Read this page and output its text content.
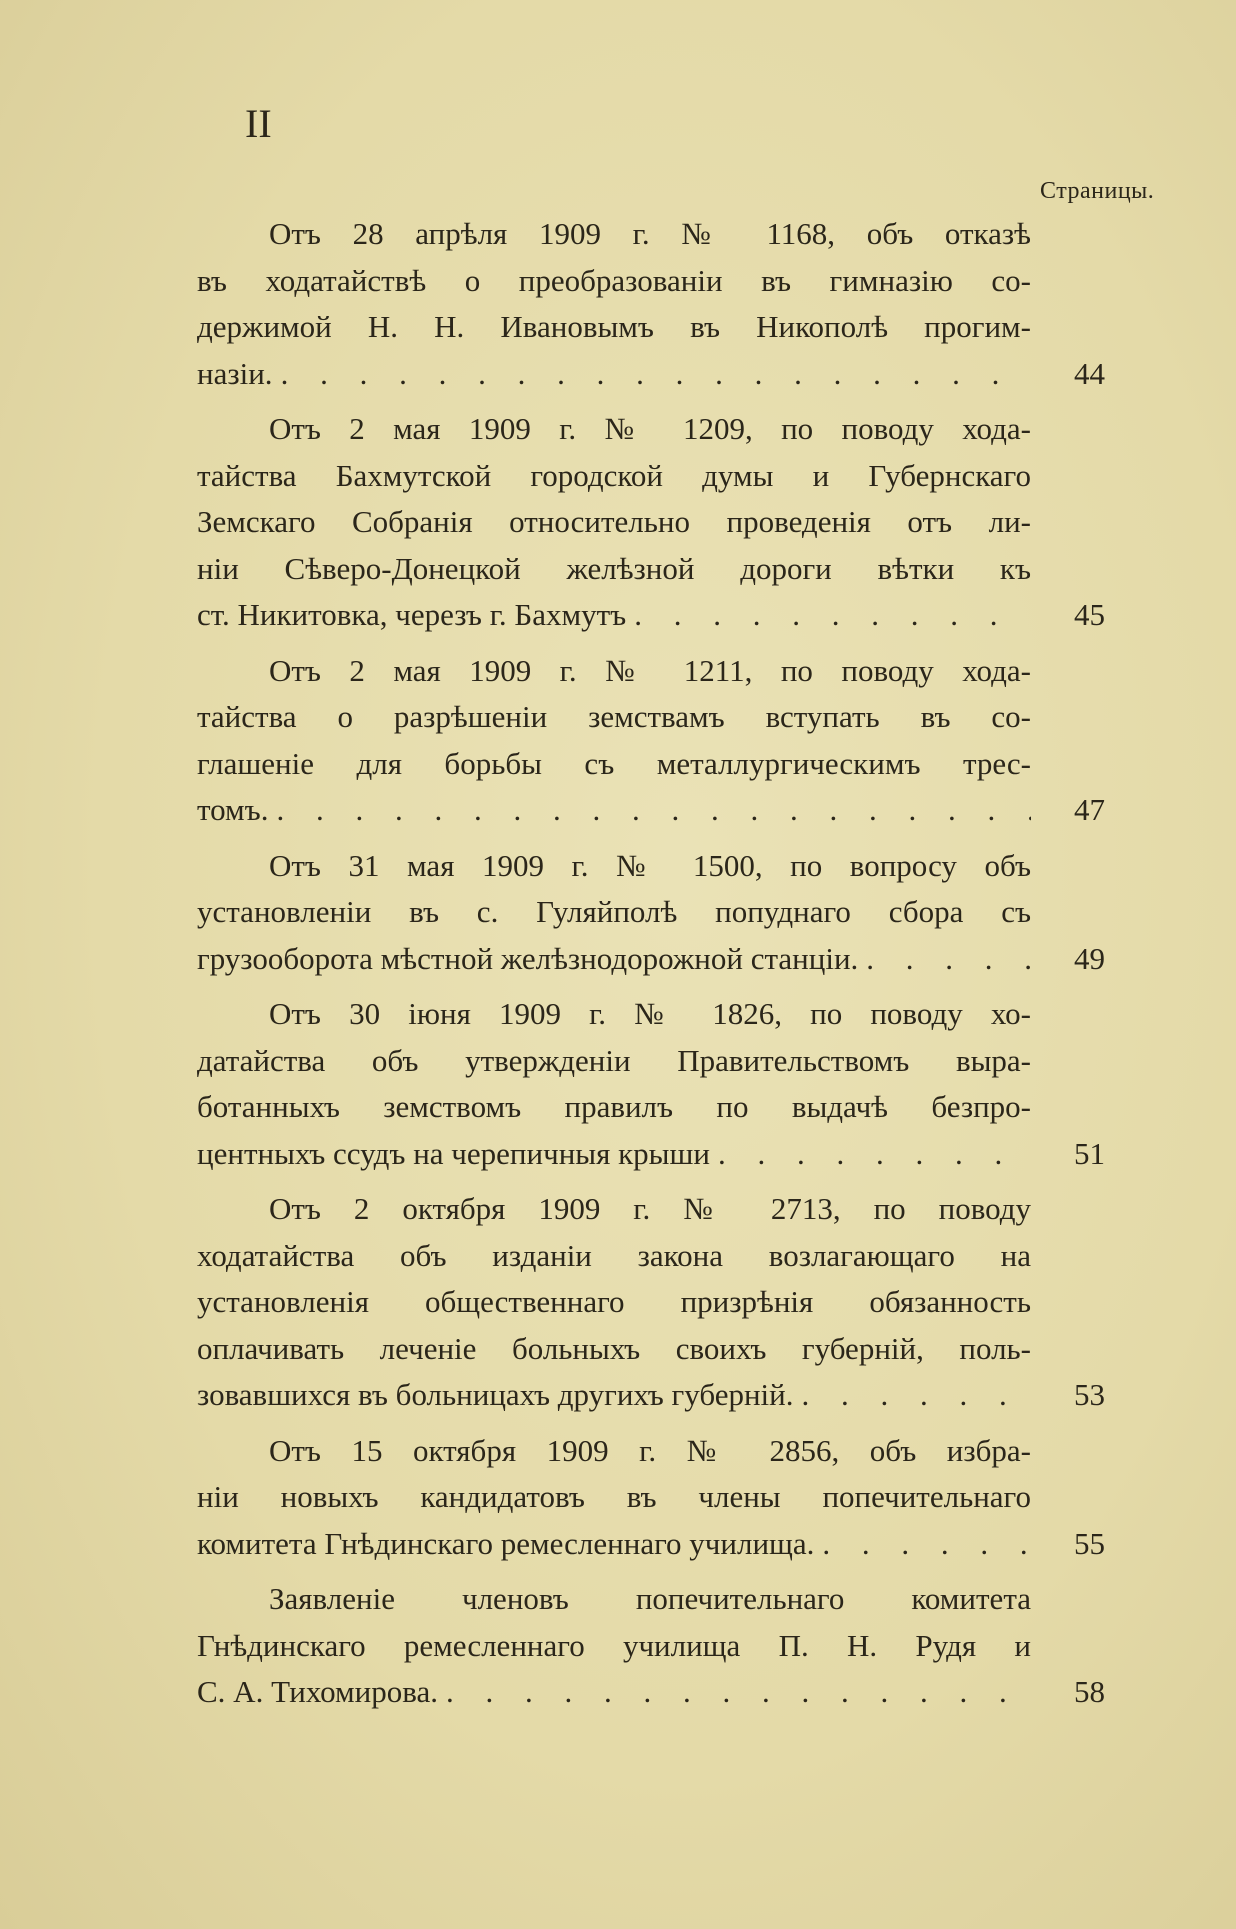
II
Страницы.
Отъ 28 апрѣля 1909 г. № 1168, объ отказѣ
въ ходатайствѣ о преобразованіи въ гимназію со-
держимой Н. Н. Ивановымъ въ Никополѣ прогим-
назіи. . . .	44
Отъ 2 мая 1909 г. № 1209, по поводу хода-
тайства Бахмутской городской думы и Губернскаго
Земскаго Собранія относительно проведенія отъ ли-
ніи Сѣверо-Донецкой желѣзной дороги вѣтки къ
ст. Никитовка, черезъ г. Бахмутъ . . .	45
Отъ 2 мая 1909 г. № 1211, по поводу хода-
тайства о разрѣшеніи земствамъ вступать въ со-
глашеніе для борьбы съ металлургическимъ трес-
томъ. . . .	47
Отъ 31 мая 1909 г. № 1500, по вопросу объ
установленіи въ с. Гуляйполѣ попуднаго сбора съ
грузооборота мѣстной желѣзнодорожной станціи. . . .	49
Отъ 30 іюня 1909 г. № 1826, по поводу хо-
датайства объ утвержденіи Правительствомъ выра-
ботанныхъ земствомъ правилъ по выдачѣ безпро-
центныхъ ссудъ на черепичныя крыши . . .	51
Отъ 2 октября 1909 г. № 2713, по поводу
ходатайства объ изданіи закона возлагающаго на
установленія общественнаго призрѣнія обязанность
оплачивать леченіе больныхъ своихъ губерній, поль-
зовавшихся въ больницахъ другихъ губерній. . . .	53
Отъ 15 октября 1909 г. № 2856, объ избра-
ніи новыхъ кандидатовъ въ члены попечительнаго
комитета Гнѣдинскаго ремесленнаго училища. . . .	55
Заявленіе членовъ попечительнаго комитета
Гнѣдинскаго ремесленнаго училища П. Н. Рудя и
С. А. Тихомирова. . . .	58
